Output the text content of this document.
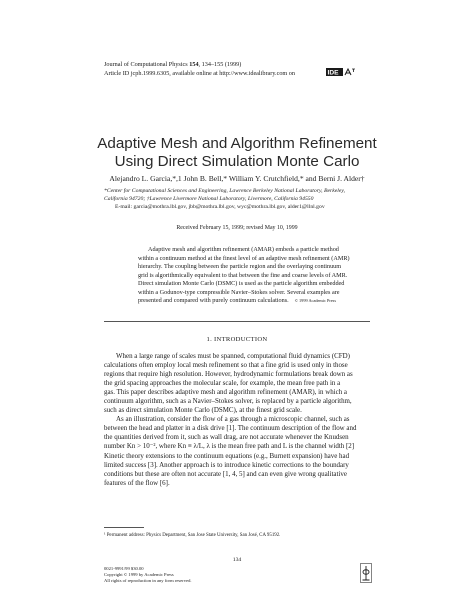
Journal of Computational Physics 154, 134–155 (1999)
Article ID jcph.1999.6305, available online at http://www.idealibrary.com on	IDE
Adaptive Mesh and Algorithm Refinement
Using Direct Simulation Monte Carlo
Alejandro L. Garcia,*,1 John B. Bell,* William Y. Crutchfield,* and Berni J. Alder†
*Center for Computational Sciences and Engineering, Lawrence Berkeley National Laboratory, Berkeley,
California 94720; †Lawrence Livermore National Laboratory, Livermore, California 94550
E-mail: garcia@mothra.lbl.gov, jbb@mothra.lbl.gov, wyc@mothra.lbl.gov, alder1@llnl.gov
Received February 15, 1999; revised May 10, 1999
Adaptive mesh and algorithm refinement (AMAR) embeds a particle method
within a continuum method at the finest level of an adaptive mesh refinement (AMR)
hierarchy. The coupling between the particle region and the overlaying continuum
grid is algorithmically equivalent to that between the fine and coarse levels of AMR.
Direct simulation Monte Carlo (DSMC) is used as the particle algorithm embedded
within a Godunov-type compressible Navier–Stokes solver. Several examples are
presented and compared with purely continuum calculations. © 1999 Academic Press
1. INTRODUCTION
When a large range of scales must be spanned, computational fluid dynamics (CFD)
calculations often employ local mesh refinement so that a fine grid is used only in those
regions that require high resolution. However, hydrodynamic formulations break down as
the grid spacing approaches the molecular scale, for example, the mean free path in a
gas. This paper describes adaptive mesh and algorithm refinement (AMAR), in which a
continuum algorithm, such as a Navier–Stokes solver, is replaced by a particle algorithm,
such as direct simulation Monte Carlo (DSMC), at the finest grid scale.
As an illustration, consider the flow of a gas through a microscopic channel, such as
between the head and platter in a disk drive [1]. The continuum description of the flow and
the quantities derived from it, such as wall drag, are not accurate whenever the Knudsen
number Kn > 10⁻², where Kn ≡ λ/L, λ is the mean free path and L is the channel width [2]
Kinetic theory extensions to the continuum equations (e.g., Burnett expansion) have had
limited success [3]. Another approach is to introduce kinetic corrections to the boundary
conditions but these are often not accurate [1, 4, 5] and can even give wrong qualitative
features of the flow [6].
¹ Permanent address: Physics Department, San Jose State University, San José, CA 95192.
134
0021-9991/99 $30.00
Copyright © 1999 by Academic Press
All rights of reproduction in any form reserved.
